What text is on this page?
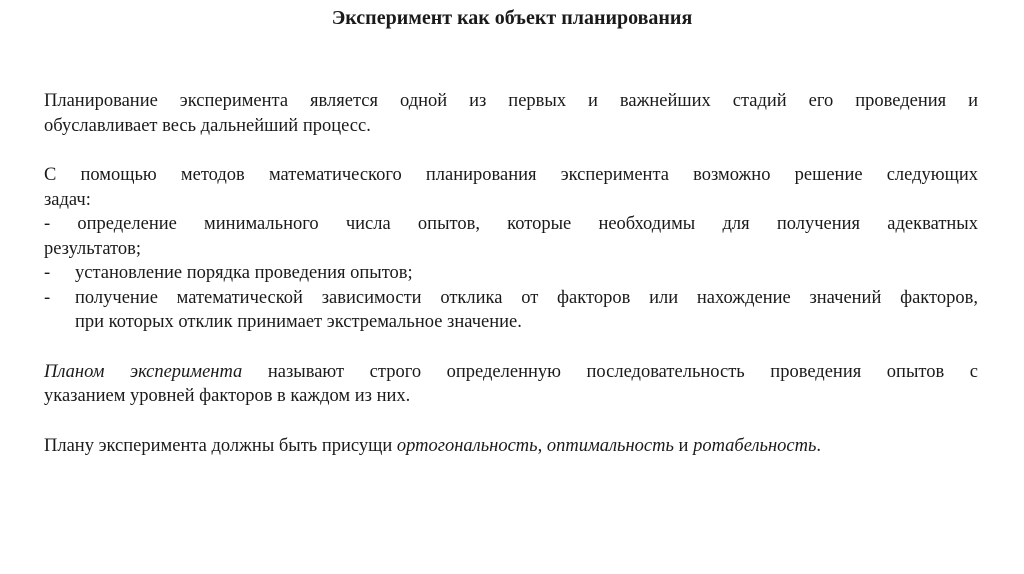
Эксперимент как объект планирования
Планирование эксперимента является одной из первых и важнейших стадий его проведения и
обуславливает весь дальнейший процесс.
С помощью методов математического планирования эксперимента возможно решение следующих
задач:
- определение минимального числа опытов, которые необходимы для получения адекватных
результатов;
-	установление порядка проведения опытов;
-	получение математической зависимости отклика от факторов или нахождение значений факторов,
при которых отклик принимает экстремальное значение.
Планом эксперимента называют строго определенную последовательность проведения опытов с
указанием уровней факторов в каждом из них.
Плану эксперимента должны быть присущи ортогональность, оптимальность и ротабельность.
